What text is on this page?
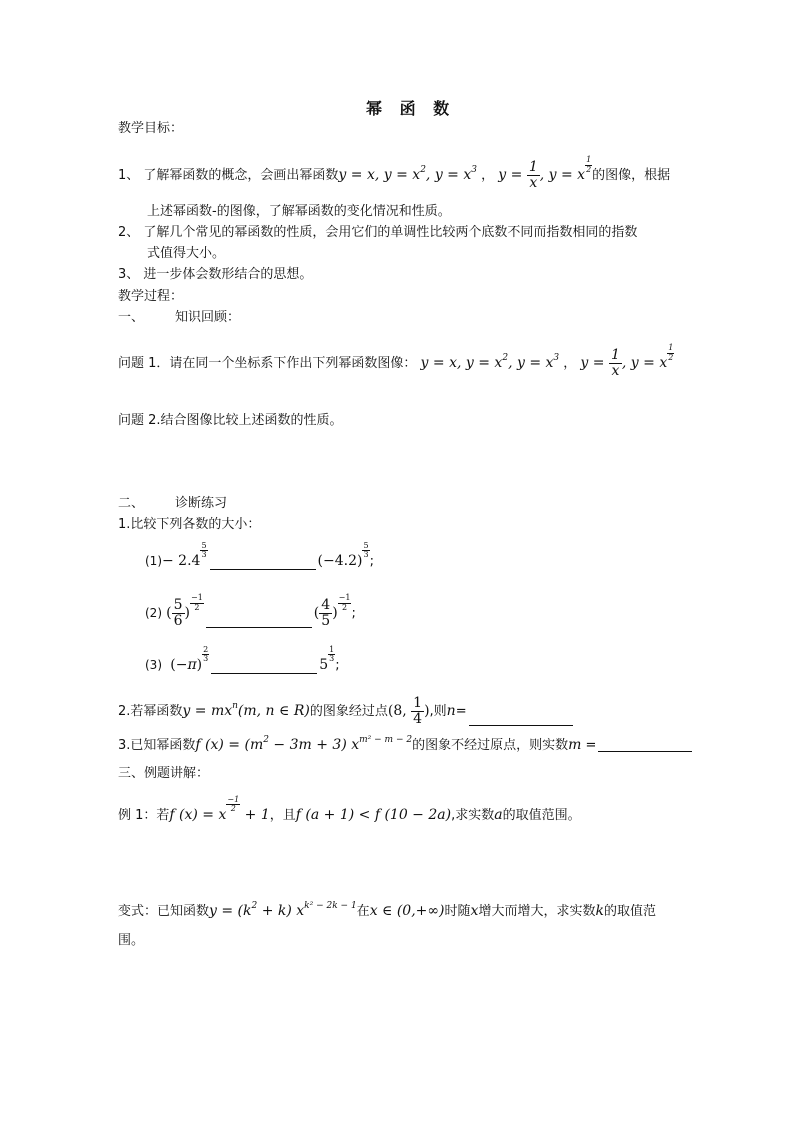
幂 函 数
教学目标：
1、 了解幂函数的概念，会画出幂函数y = x, $y = x^2$, $y = x^3$ ， $y = \frac{1}{x}$ , y = x
$\frac{1}{2}$
的图像，根据
上述幂函数-的图像，了解幂函数的变化情况和性质。
2、 了解几个常见的幂函数的性质，会用它们的单调性比较两个底数不同而指数相同的指数
式值得大小。
3、 进一步体会数形结合的思想。
教学过程：
一、 知识回顾：
问题 1．请在同一个坐标系下作出下列幂函数图像： y = x, $y = x^2$, $y = x^3$ ， $y = \frac{1}{x}$ , y = x
$\frac{1}{2}$
问题 2.结合图像比较上述函数的性质。
二、 诊断练习
1.比较下列各数的大小：
(1)− 2.4
$\frac{5}{3}$
(−4.2)
$\frac{5}{3}$
;
(2) ( $\frac{5}{6}$ )
$\frac{-1}{2}$
( $\frac{4}{5}$ )
$\frac{-1}{2}$
;
(3) (−π)
$\frac{2}{3}$
5
$\frac{1}{3}$
;
2.若幂函数$y = mx^n(m$, n ∈ R)的图象经过点(8, $\frac{1}{4}$ ),则n=
3.已知幂函数f $(x) = (m^2 - 3m + 3)$ $x^{m^2 - m - 2}$的图象不经过原点，则实数m =
三、例题讲解：
例 1：若f (x) = x
$\frac{-1}{2}$
+ 1，且f (a + 1) < f (10 − 2a),求实数a的取值范围。
变式：已知函数$y = (k^2 + k)$ $x^{k^2 - 2k - 1}$在x ∈ (0,+∞)时随x增大而增大，求实数k的取值范
围。
